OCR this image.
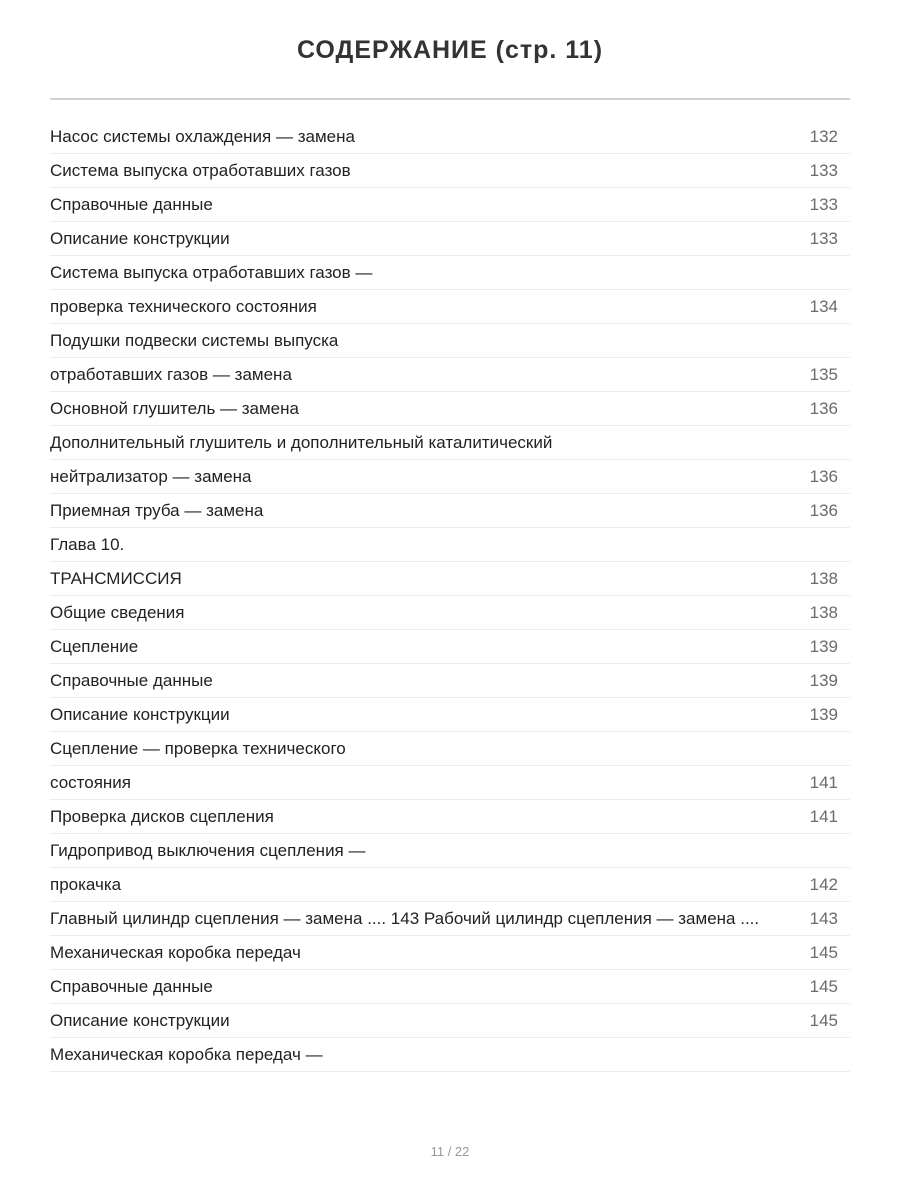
СОДЕРЖАНИЕ (стр. 11)
Насос системы охлаждения — замена	132
Система выпуска отработавших газов	133
Справочные данные	133
Описание конструкции	133
Система выпуска отработавших газов —
проверка технического состояния	134
Подушки подвески системы выпуска
отработавших газов — замена	135
Основной глушитель — замена	136
Дополнительный глушитель и дополнительный каталитический
нейтрализатор — замена	136
Приемная труба — замена	136
Глава 10.
ТРАНСМИССИЯ	138
Общие сведения	138
Сцепление	139
Справочные данные	139
Описание конструкции	139
Сцепление — проверка технического
состояния	141
Проверка дисков сцепления	141
Гидропривод выключения сцепления —
прокачка	142
Главный цилиндр сцепления — замена .... 143 Рабочий цилиндр сцепления — замена ....	143
Механическая коробка передач	145
Справочные данные	145
Описание конструкции	145
Механическая коробка передач —
11 / 22
